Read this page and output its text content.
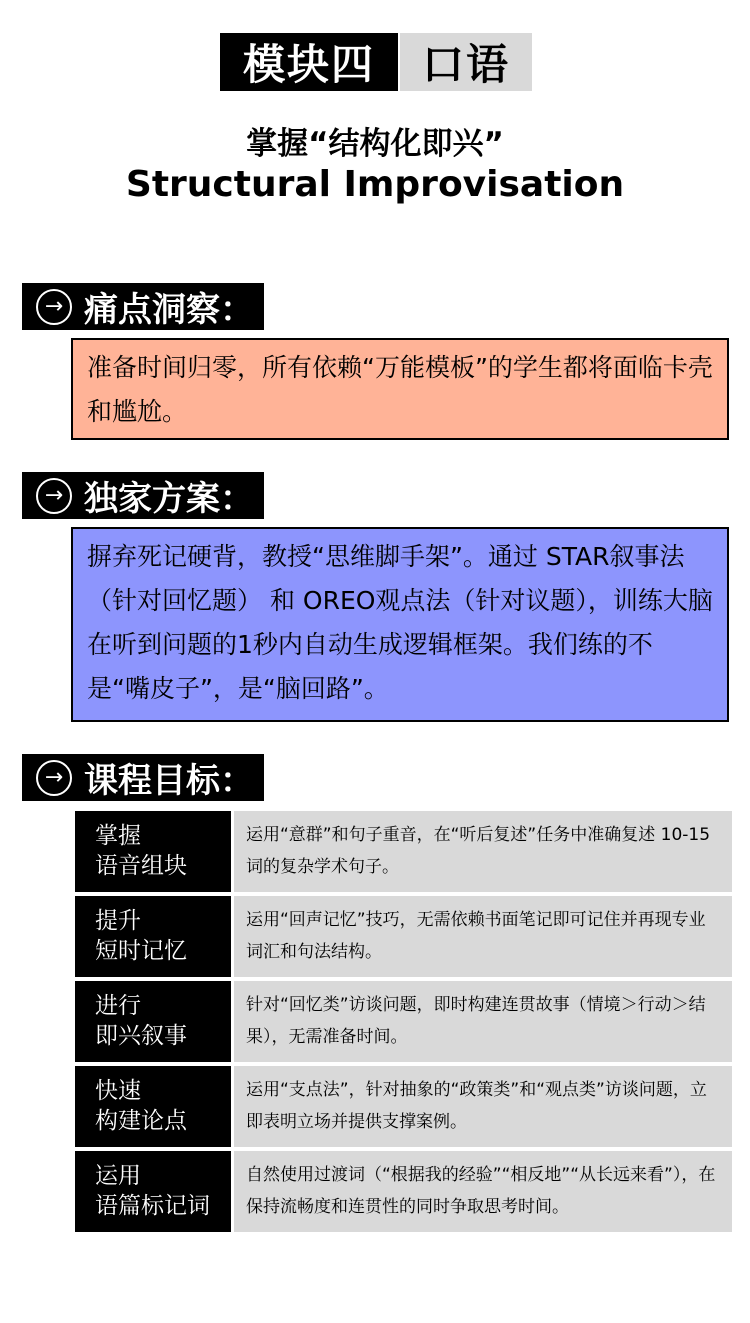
模块四	口语
掌握“结构化即兴”
Structural Improvisation
→ 痛点洞察：
准备时间归零，所有依赖“万能模板”的学生都将面临卡壳和尴尬。
→ 独家方案：
摒弃死记硬背，教授“思维脚手架”。通过 STAR叙事法（针对回忆题） 和 OREO观点法（针对议题），训练大脑在听到问题的1秒内自动生成逻辑框架。我们练的不是“嘴皮子”，是“脑回路”。
→ 课程目标：
掌握
语音组块
运用“意群”和句子重音，在“听后复述”任务中准确复述 10-15 词的复杂学术句子。
提升
短时记忆
运用“回声记忆”技巧，无需依赖书面笔记即可记住并再现专业词汇和句法结构。
进行
即兴叙事
针对“回忆类”访谈问题，即时构建连贯故事（情境＞行动＞结果），无需准备时间。
快速
构建论点
运用“支点法”，针对抽象的“政策类”和“观点类”访谈问题，立即表明立场并提供支撑案例。
运用
语篇标记词
自然使用过渡词（“根据我的经验”“相反地”“从长远来看”），在保持流畅度和连贯性的同时争取思考时间。
